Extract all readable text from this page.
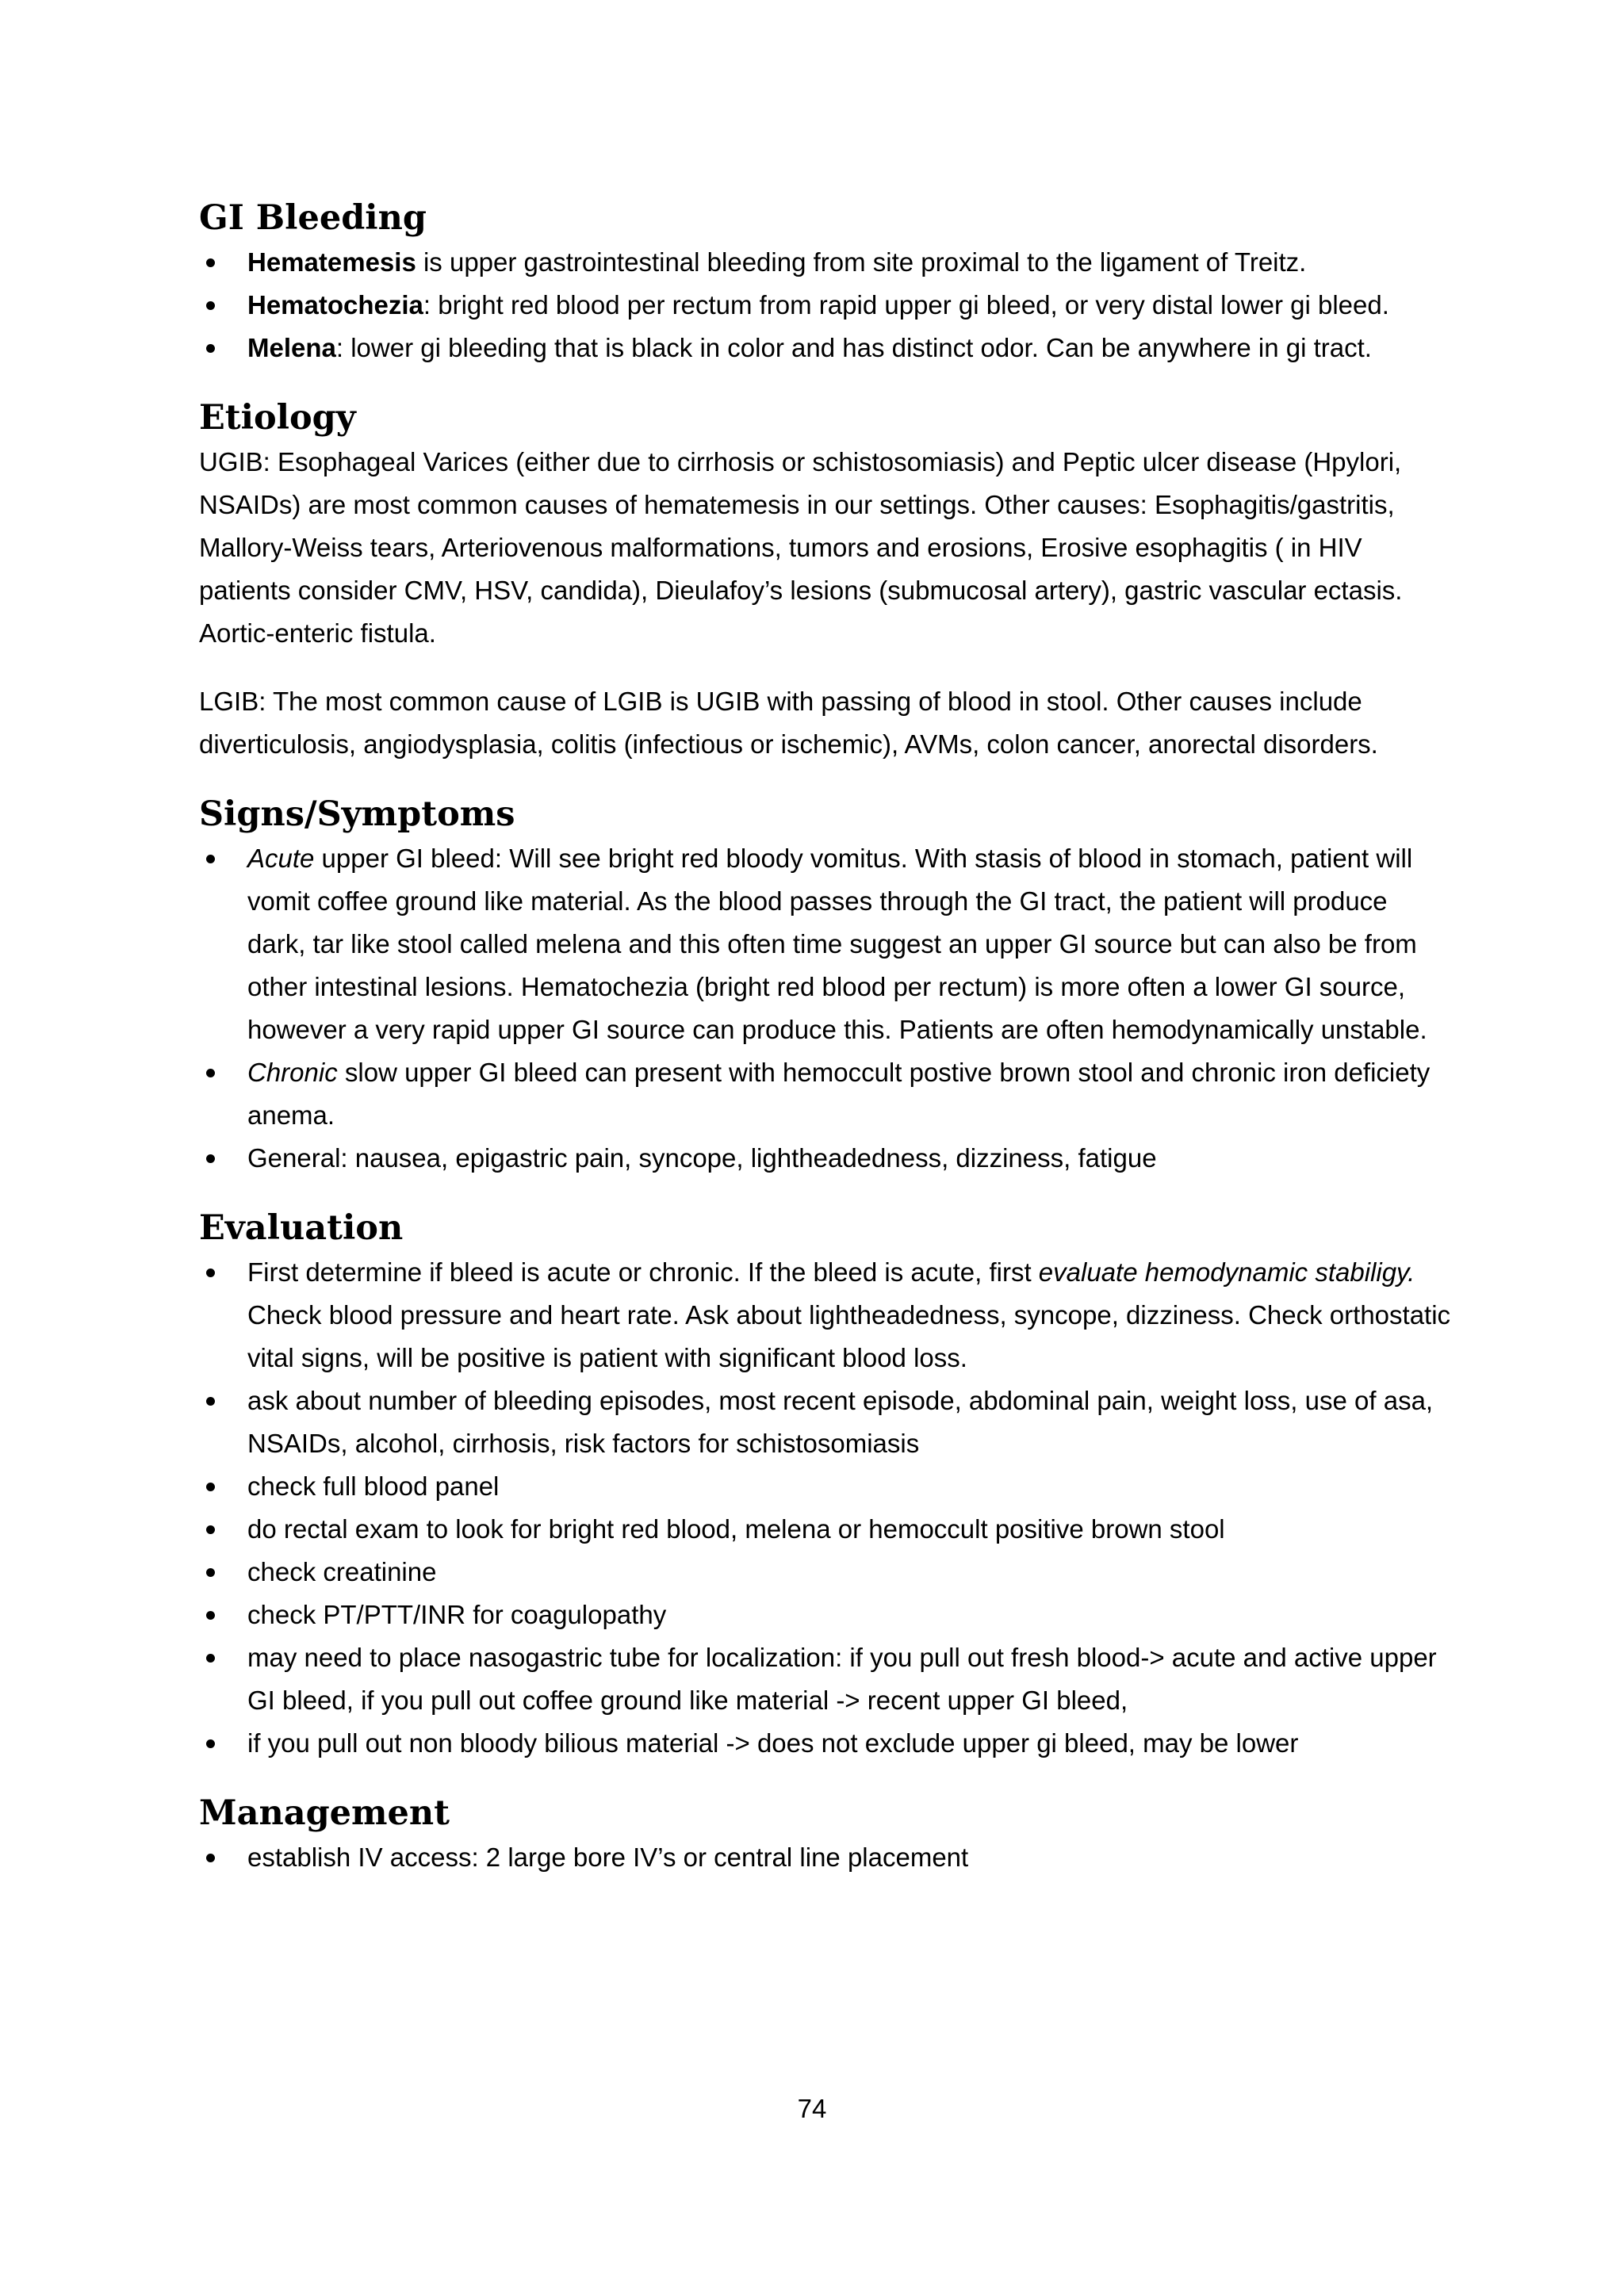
GI Bleeding
Hematemesis is upper gastrointestinal bleeding from site proximal to the ligament of Treitz.
Hematochezia: bright red blood per rectum from rapid upper gi bleed, or very distal lower gi bleed.
Melena: lower gi bleeding that is black in color and has distinct odor. Can be anywhere in gi tract.
Etiology

UGIB: Esophageal Varices (either due to cirrhosis or schistosomiasis) and Peptic ulcer disease (Hpylori, NSAIDs) are most common causes of hematemesis in our settings. Other causes: Esophagitis/gastritis, Mallory-Weiss tears, Arteriovenous malformations, tumors and erosions, Erosive esophagitis ( in HIV patients consider CMV, HSV, candida), Dieulafoy’s lesions (submucosal artery), gastric vascular ectasis. Aortic-enteric fistula.

LGIB: The most common cause of LGIB is UGIB with passing of blood in stool. Other causes include diverticulosis, angiodysplasia, colitis (infectious or ischemic), AVMs, colon cancer, anorectal disorders.

Signs/Symptoms
Acute upper GI bleed: Will see bright red bloody vomitus. With stasis of blood in stomach, patient will vomit coffee ground like material. As the blood passes through the GI tract, the patient will produce dark, tar like stool called melena and this often time suggest an upper GI source but can also be from other intestinal lesions. Hematochezia (bright red blood per rectum) is more often a lower GI source, however a very rapid upper GI source can produce this. Patients are often hemodynamically unstable.
Chronic slow upper GI bleed can present with hemoccult postive brown stool and chronic iron deficiety anema.
General: nausea, epigastric pain, syncope, lightheadedness, dizziness, fatigue
Evaluation
First determine if bleed is acute or chronic. If the bleed is acute, first evaluate hemodynamic stabiligy. Check blood pressure and heart rate. Ask about lightheadedness, syncope, dizziness. Check orthostatic vital signs, will be positive is patient with significant blood loss.
ask about number of bleeding episodes, most recent episode, abdominal pain, weight loss, use of asa, NSAIDs, alcohol, cirrhosis, risk factors for schistosomiasis
check full blood panel
do rectal exam to look for bright red blood, melena or hemoccult positive brown stool
check creatinine
check PT/PTT/INR for coagulopathy
may need to place nasogastric tube for localization: if you pull out fresh blood-> acute and active upper GI bleed, if you pull out coffee ground like material -> recent upper GI bleed,
if you pull out non bloody bilious material -> does not exclude upper gi bleed, may be lower
Management
establish IV access: 2 large bore IV’s or central line placement
74
